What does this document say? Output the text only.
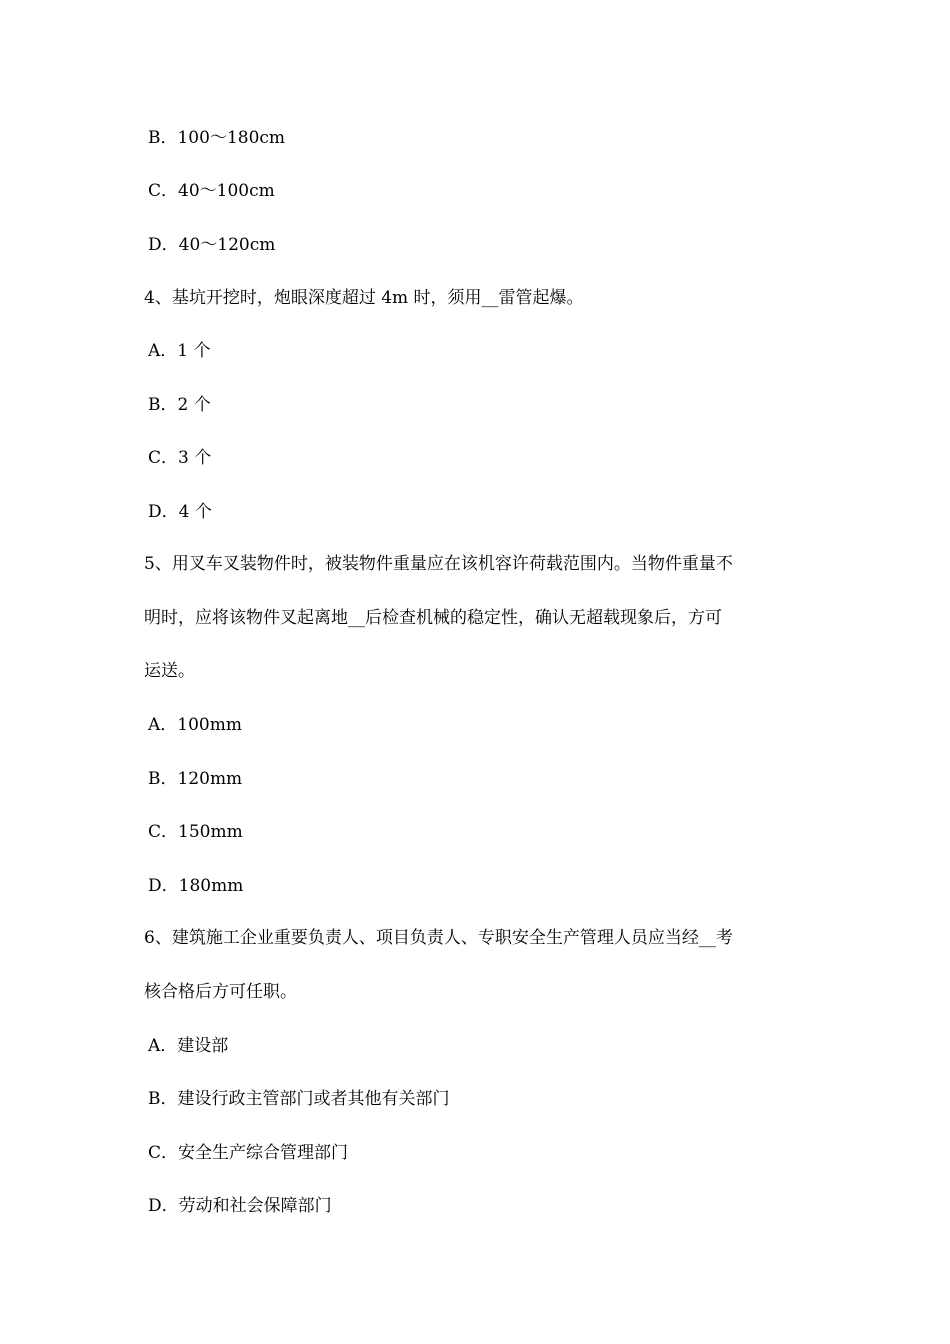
B．100～180cm
C．40～100cm
D．40～120cm
4、基坑开挖时，炮眼深度超过 4m 时，须用__雷管起爆。
A．1 个
B．2 个
C．3 个
D．4 个
5、用叉车叉装物件时，被装物件重量应在该机容许荷载范围内。当物件重量不
明时，应将该物件叉起离地__后检查机械的稳定性，确认无超载现象后，方可
运送。
A．100mm
B．120mm
C．150mm
D．180mm
6、建筑施工企业重要负责人、项目负责人、专职安全生产管理人员应当经__考
核合格后方可任职。
A．建设部
B．建设行政主管部门或者其他有关部门
C．安全生产综合管理部门
D．劳动和社会保障部门
